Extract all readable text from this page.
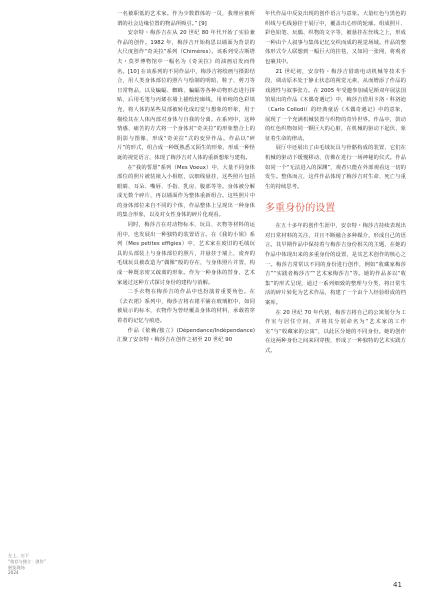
一名被职低的艺术家。作为少数群体的一员，我理应被所谓的社会边缘位置的物品所吸引。” [9]

安奈特・梅莎吉在从 20 世纪 80 年代开始了实验兼作品的创作。1982 年，梅莎吉开始构思以墙面为背景的大尺度创作“奇美拉”系列（Chimères）。该系列受古斯塔夫・莫罗博物馆中一幅名为《奇美拉》的油画启发而得名。[10] 在该系列的不同作品中，梅莎吉将绘画与摄影结合，用人类身体部位的照片与绘制的明暗、鞋子、剪刀等日常物品，以及蝙蝠、蜘蛛、蝙蝠等各种动物形态进行拼贴，后用毛笔与丙烯在墙上描绘轮廓线，用单纯的色彩填充，将人体的某些局部被转化成幻觉与想象的形象，用于描绘其在人体内部对身体与自我的分离。在系列中，这种情感、痛苦的方式将一个身体对“奇美拉”的形象整合上的阴影与图像，形成“奇美拉”式的变异作品。作品以“碎片”的形式，组合成一种既熟悉又陌生的形象，形成一种怪诞的视觉语言，体现了梅莎吉对人体的重新想象与建构。

在“我的誓愿”系列（Mes Voeux）中，大量不同身体部位的照片被装裱入小相框，以细线悬挂，这些照片包括眼睛、耳朵、嘴唇、手指、乳房、腹部等等。身体被分解成无数个碎片，再以墙面作为整体重新组合。这些照片中的身体部位来自不同的个体，作品整体上呈现出一种身体的集合形象，以及对女性身体的碎片化观看。

同时，梅莎吉在对动物标本、玩具、衣物等材料的运用中，也发展出一种独特的装置语言。在《我的小姐》系列（Mes petites effigies）中，艺术家在废旧的毛绒玩具的头部装上与身体部位的照片，并悬挂于墙上，废弃的毛绒玩具被改造为“偶像”般的存在，与身体照片并置，构成一种既亲密又疏离的形象。作为一种身体的替身，艺术家通过这种方式探讨身份的建构与消解。

二手衣物在梅莎吉的作品中也扮演着重要角色。在《去衣裙》系列中，梅莎吉将衣裙平铺在玻璃框中，如同被展示的标本，衣物作为曾经覆盖身体的材料，承载着穿着者的记忆与痕迹。

作品《依赖/独立》(Dépendance/Indépendance) 汇聚了安奈特・梅莎吉在创作之初至 20 世纪 90

年代作品中反复出现的创作语言与意象。大量红色与黑色的织线与毛线悬挂于展厅中，覆盖出心形的轮廓。组成照片、彩色铅笔、玩偶、织物的文字等，被悬挂在丝线之上，形成一种由个人叙事与集体记忆交织而成的视觉场域。作品的整体形式令人联想到一幅巨大的挂毯，又如同一张网，将观者包裹其中。

21 世纪初，安奈特・梅莎吉借助电动机械等技术手段，调动原本处于静止状态的视觉元素，从而增添了作品的戏剧性与叙事张力。在 2005 年受邀参加威尼斯双年展法国馆展出的作品《木偶奇遇记》中，梅莎吉借用卡洛・科洛迪（Carlo Collodi）的经典童话《木偶奇遇记》中的意象，展现了一个充满机械装置与织物的奇异世界。作品中，鼓动的红色织物如同一颗巨大的心脏，在机械的驱动下起伏，象征着生命的律动。

展厅中还展出了由毛绒玩具与骨骼构成的装置，它们在机械的驱动下缓慢移动，仿佛在进行一场神秘的仪式。作品如同一个“无法进入的深渊”，观者只能在外部观看这一切的发生。整体而言，这件作品体现了梅莎吉对生命、死亡与重生的持续思考。

多重身份的设置

在五十多年的创作生涯中，安奈特・梅莎吉持续表现出对日常材料的关注，并且不断融合多种媒介，形成自己的语言。其早期作品中保持着与梅莎吉身份相关的主题，在她的作品中体现出来的多重身份的设置，是其艺术创作的核心之一。梅莎吉常常以不同的身份进行创作，例如“收藏家梅莎吉”“实践者梅莎吉”“艺术家梅莎吉”等。她的作品多以“收集”的形式呈现，通过一系列细致的整理与分类，将日常生活的碎片转化为艺术作品，构建了一个由个人经验组成的档案库。

在 20 世纪 70 年代初，梅莎吉将自己的公寓划分为工作室与居住空间，并将其分别命名为“艺术家的工作室”与“收藏家的公寓”，以此区分她的不同身份。她的创作在这两种身份之间来回穿梭，形成了一种独特的艺术实践方式。

左上、右下
“依存与独立：创作”
展览现场
2024
41
